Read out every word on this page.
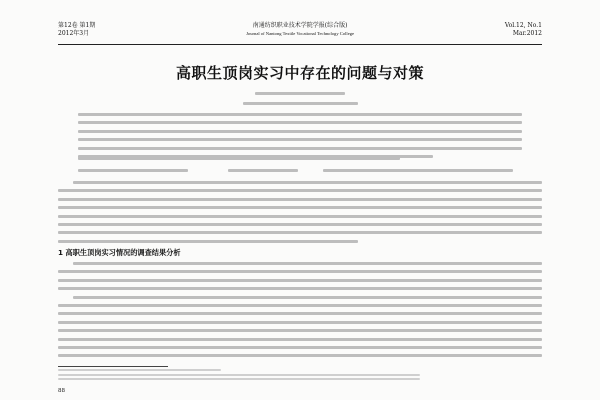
第12卷 第1期
2012年3月
南通纺织职业技术学院学报(综合版)
Journal of Nantong Textile Vocational Technology College
Vol.12, No.1
Mar.2012
高职生顶岗实习中存在的问题与对策
1 高职生顶岗实习情况的调查结果分析
88
